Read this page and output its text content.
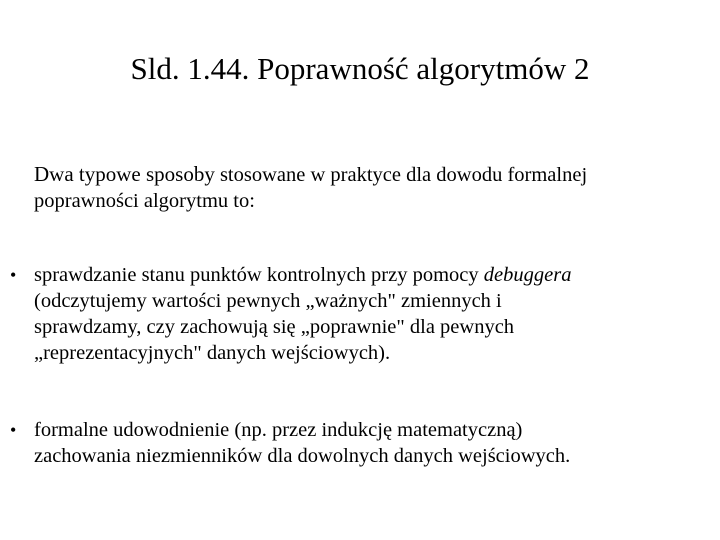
Sld. 1.44. Poprawność algorytmów 2
Dwa typowe sposoby stosowane w praktyce dla dowodu formalnej
poprawności algorytmu to:
• sprawdzanie stanu punktów kontrolnych przy pomocy debuggera
(odczytujemy wartości pewnych „ważnych" zmiennych i
sprawdzamy, czy zachowują się „poprawnie" dla pewnych
„reprezentacyjnych" danych wejściowych).
• formalne udowodnienie (np. przez indukcję matematyczną)
zachowania niezmienników dla dowolnych danych wejściowych.
